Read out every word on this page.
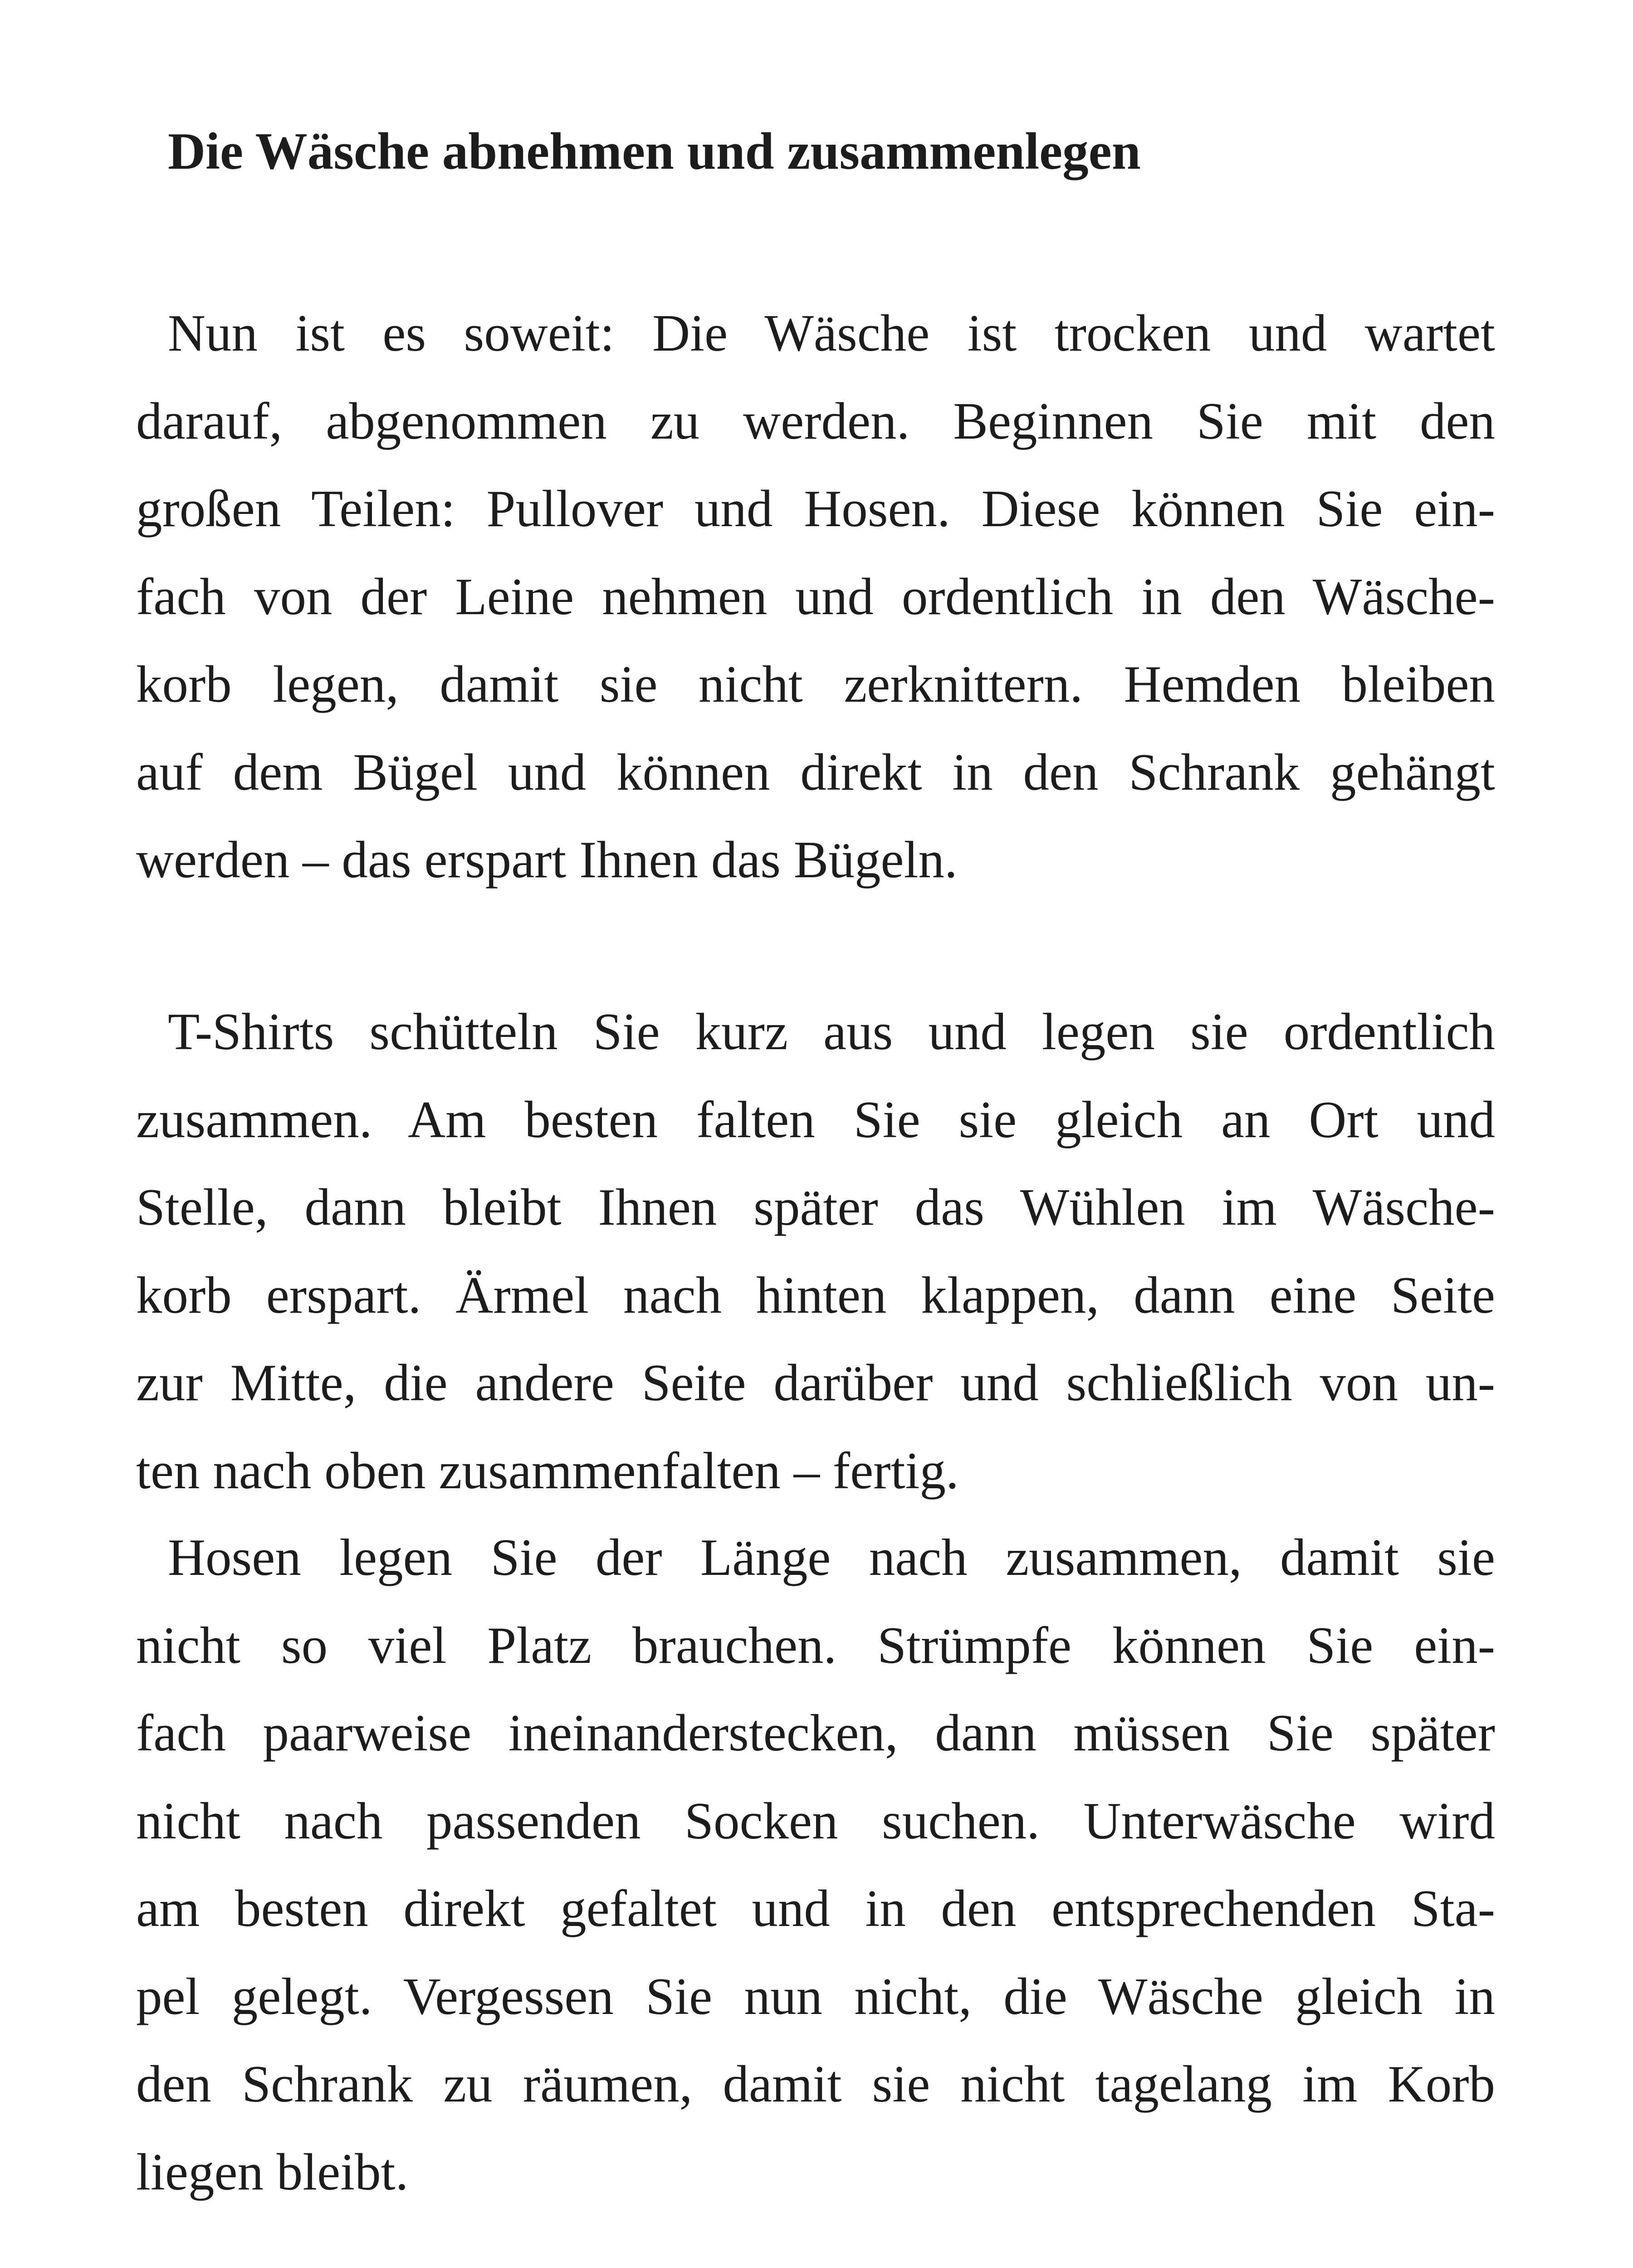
Die Wäsche abnehmen und zusammenlegen
Nun ist es soweit: Die Wäsche ist trocken und wartet
darauf, abgenommen zu werden. Beginnen Sie mit den
großen Teilen: Pullover und Hosen. Diese können Sie ein-
fach von der Leine nehmen und ordentlich in den Wäsche-
korb legen, damit sie nicht zerknittern. Hemden bleiben
auf dem Bügel und können direkt in den Schrank gehängt
werden – das erspart Ihnen das Bügeln.
T-Shirts schütteln Sie kurz aus und legen sie ordentlich
zusammen. Am besten falten Sie sie gleich an Ort und
Stelle, dann bleibt Ihnen später das Wühlen im Wäsche-
korb erspart. Ärmel nach hinten klappen, dann eine Seite
zur Mitte, die andere Seite darüber und schließlich von un-
ten nach oben zusammenfalten – fertig.
Hosen legen Sie der Länge nach zusammen, damit sie
nicht so viel Platz brauchen. Strümpfe können Sie ein-
fach paarweise ineinanderstecken, dann müssen Sie später
nicht nach passenden Socken suchen. Unterwäsche wird
am besten direkt gefaltet und in den entsprechenden Sta-
pel gelegt. Vergessen Sie nun nicht, die Wäsche gleich in
den Schrank zu räumen, damit sie nicht tagelang im Korb
liegen bleibt.
